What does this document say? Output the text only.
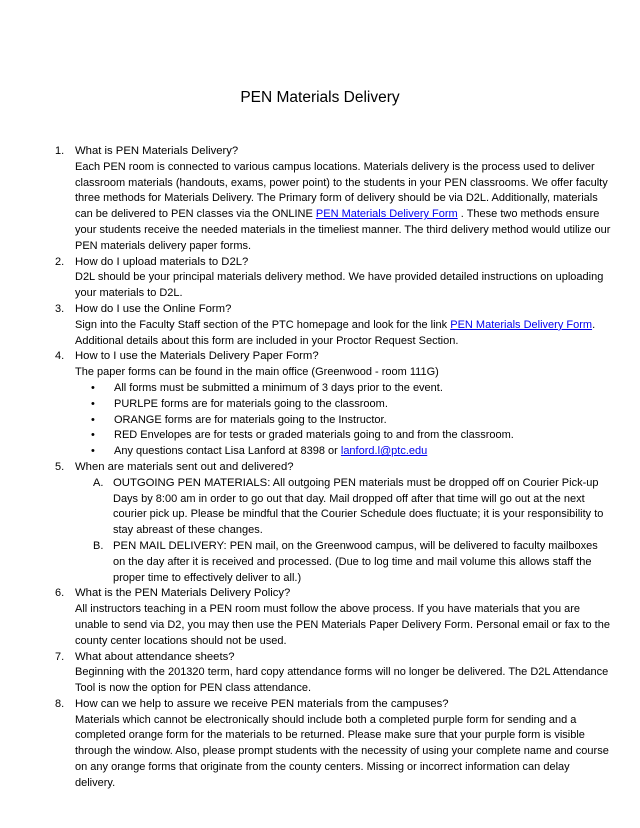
PEN Materials Delivery
1. What is PEN Materials Delivery?
Each PEN room is connected to various campus locations. Materials delivery is the process used to deliver classroom materials (handouts, exams, power point) to the students in your PEN classrooms. We offer faculty three methods for Materials Delivery. The Primary form of delivery should be via D2L. Additionally, materials can be delivered to PEN classes via the ONLINE PEN Materials Delivery Form . These two methods ensure your students receive the needed materials in the timeliest manner. The third delivery method would utilize our PEN materials delivery paper forms.
2. How do I upload materials to D2L?
D2L should be your principal materials delivery method. We have provided detailed instructions on uploading your materials to D2L.
3. How do I use the Online Form?
Sign into the Faculty Staff section of the PTC homepage and look for the link PEN Materials Delivery Form. Additional details about this form are included in your Proctor Request Section.
4. How to I use the Materials Delivery Paper Form?
The paper forms can be found in the main office (Greenwood - room 111G)
• All forms must be submitted a minimum of 3 days prior to the event.
• PURLPE forms are for materials going to the classroom.
• ORANGE forms are for materials going to the Instructor.
• RED Envelopes are for tests or graded materials going to and from the classroom.
• Any questions contact Lisa Lanford at 8398 or lanford.l@ptc.edu
5. When are materials sent out and delivered?
A. OUTGOING PEN MATERIALS: All outgoing PEN materials must be dropped off on Courier Pick-up Days by 8:00 am in order to go out that day. Mail dropped off after that time will go out at the next courier pick up. Please be mindful that the Courier Schedule does fluctuate; it is your responsibility to stay abreast of these changes.
B. PEN MAIL DELIVERY: PEN mail, on the Greenwood campus, will be delivered to faculty mailboxes on the day after it is received and processed. (Due to log time and mail volume this allows staff the proper time to effectively deliver to all.)
6. What is the PEN Materials Delivery Policy?
All instructors teaching in a PEN room must follow the above process. If you have materials that you are unable to send via D2, you may then use the PEN Materials Paper Delivery Form. Personal email or fax to the county center locations should not be used.
7. What about attendance sheets?
Beginning with the 201320 term, hard copy attendance forms will no longer be delivered. The D2L Attendance Tool is now the option for PEN class attendance.
8. How can we help to assure we receive PEN materials from the campuses?
Materials which cannot be electronically should include both a completed purple form for sending and a completed orange form for the materials to be returned. Please make sure that your purple form is visible through the window. Also, please prompt students with the necessity of using your complete name and course on any orange forms that originate from the county centers. Missing or incorrect information can delay delivery.
